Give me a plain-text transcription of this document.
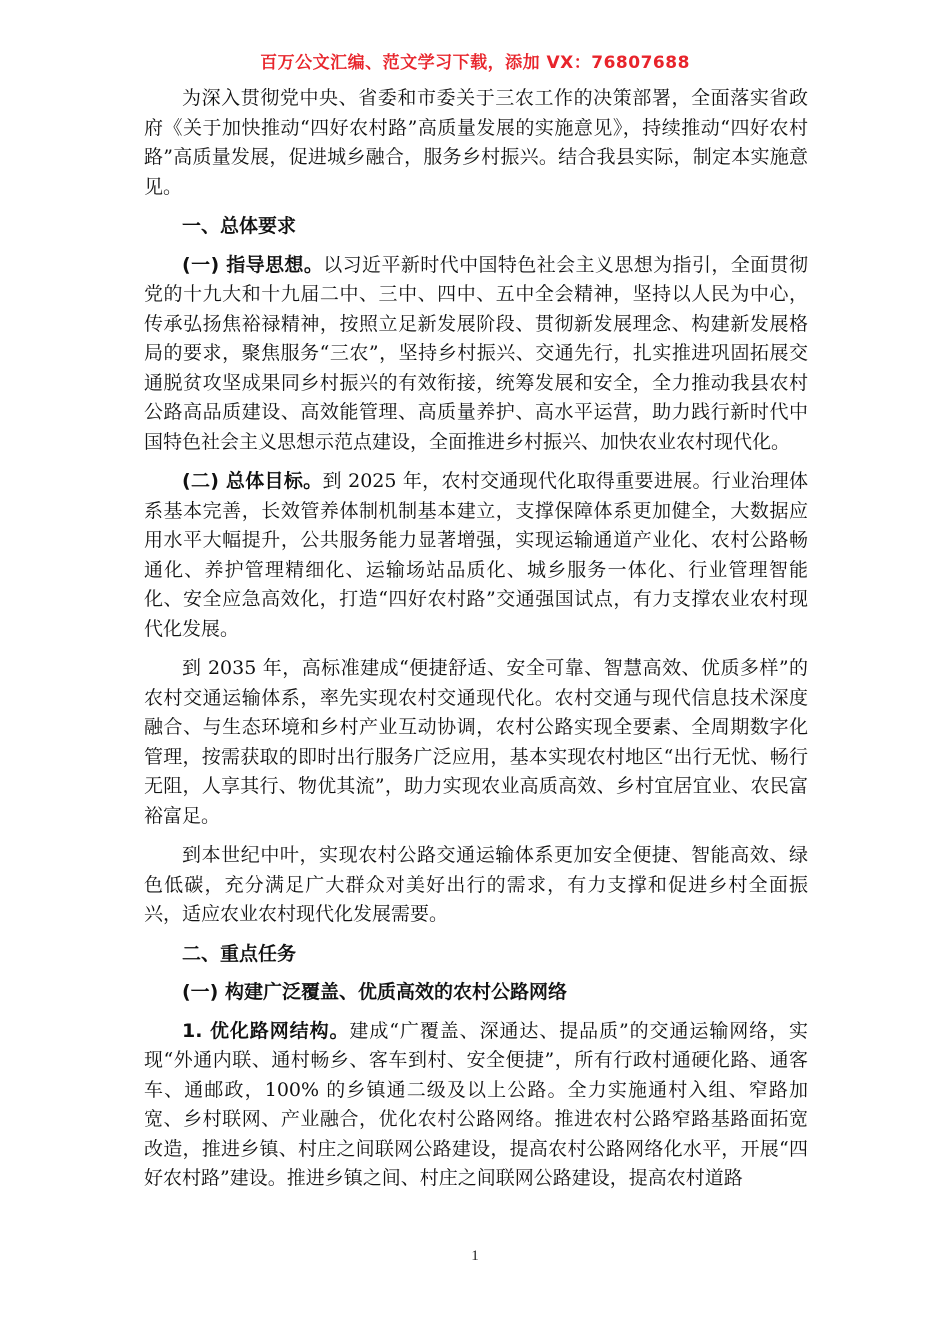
百万公文汇编、范文学习下载，添加 VX：76807688

为深入贯彻党中央、省委和市委关于三农工作的决策部署，全面落实省政府《关于加快推动“四好农村路”高质量发展的实施意见》，持续推动“四好农村路”高质量发展，促进城乡融合，服务乡村振兴。结合我县实际，制定本实施意见。

一、总体要求

(一) 指导思想。以习近平新时代中国特色社会主义思想为指引，全面贯彻党的十九大和十九届二中、三中、四中、五中全会精神，坚持以人民为中心，传承弘扬焦裕禄精神，按照立足新发展阶段、贯彻新发展理念、构建新发展格局的要求，聚焦服务“三农”，坚持乡村振兴、交通先行，扎实推进巩固拓展交通脱贫攻坚成果同乡村振兴的有效衔接，统筹发展和安全，全力推动我县农村公路高品质建设、高效能管理、高质量养护、高水平运营，助力践行新时代中国特色社会主义思想示范点建设，全面推进乡村振兴、加快农业农村现代化。

(二) 总体目标。到 2025 年，农村交通现代化取得重要进展。行业治理体系基本完善，长效管养体制机制基本建立，支撑保障体系更加健全，大数据应用水平大幅提升，公共服务能力显著增强，实现运输通道产业化、农村公路畅通化、养护管理精细化、运输场站品质化、城乡服务一体化、行业管理智能化、安全应急高效化，打造“四好农村路”交通强国试点，有力支撑农业农村现代化发展。

到 2035 年，高标准建成“便捷舒适、安全可靠、智慧高效、优质多样”的农村交通运输体系，率先实现农村交通现代化。农村交通与现代信息技术深度融合、与生态环境和乡村产业互动协调，农村公路实现全要素、全周期数字化管理，按需获取的即时出行服务广泛应用，基本实现农村地区“出行无忧、畅行无阻，人享其行、物优其流”，助力实现农业高质高效、乡村宜居宜业、农民富裕富足。

到本世纪中叶，实现农村公路交通运输体系更加安全便捷、智能高效、绿色低碳，充分满足广大群众对美好出行的需求，有力支撑和促进乡村全面振兴，适应农业农村现代化发展需要。

二、重点任务

(一) 构建广泛覆盖、优质高效的农村公路网络

1. 优化路网结构。建成“广覆盖、深通达、提品质”的交通运输网络，实现“外通内联、通村畅乡、客车到村、安全便捷”，所有行政村通硬化路、通客车、通邮政，100% 的乡镇通二级及以上公路。全力实施通村入组、窄路加宽、乡村联网、产业融合，优化农村公路网络。推进农村公路窄路基路面拓宽改造，推进乡镇、村庄之间联网公路建设，提高农村公路网络化水平，开展“四好农村路”建设。推进乡镇之间、村庄之间联网公路建设，提高农村道路

1
